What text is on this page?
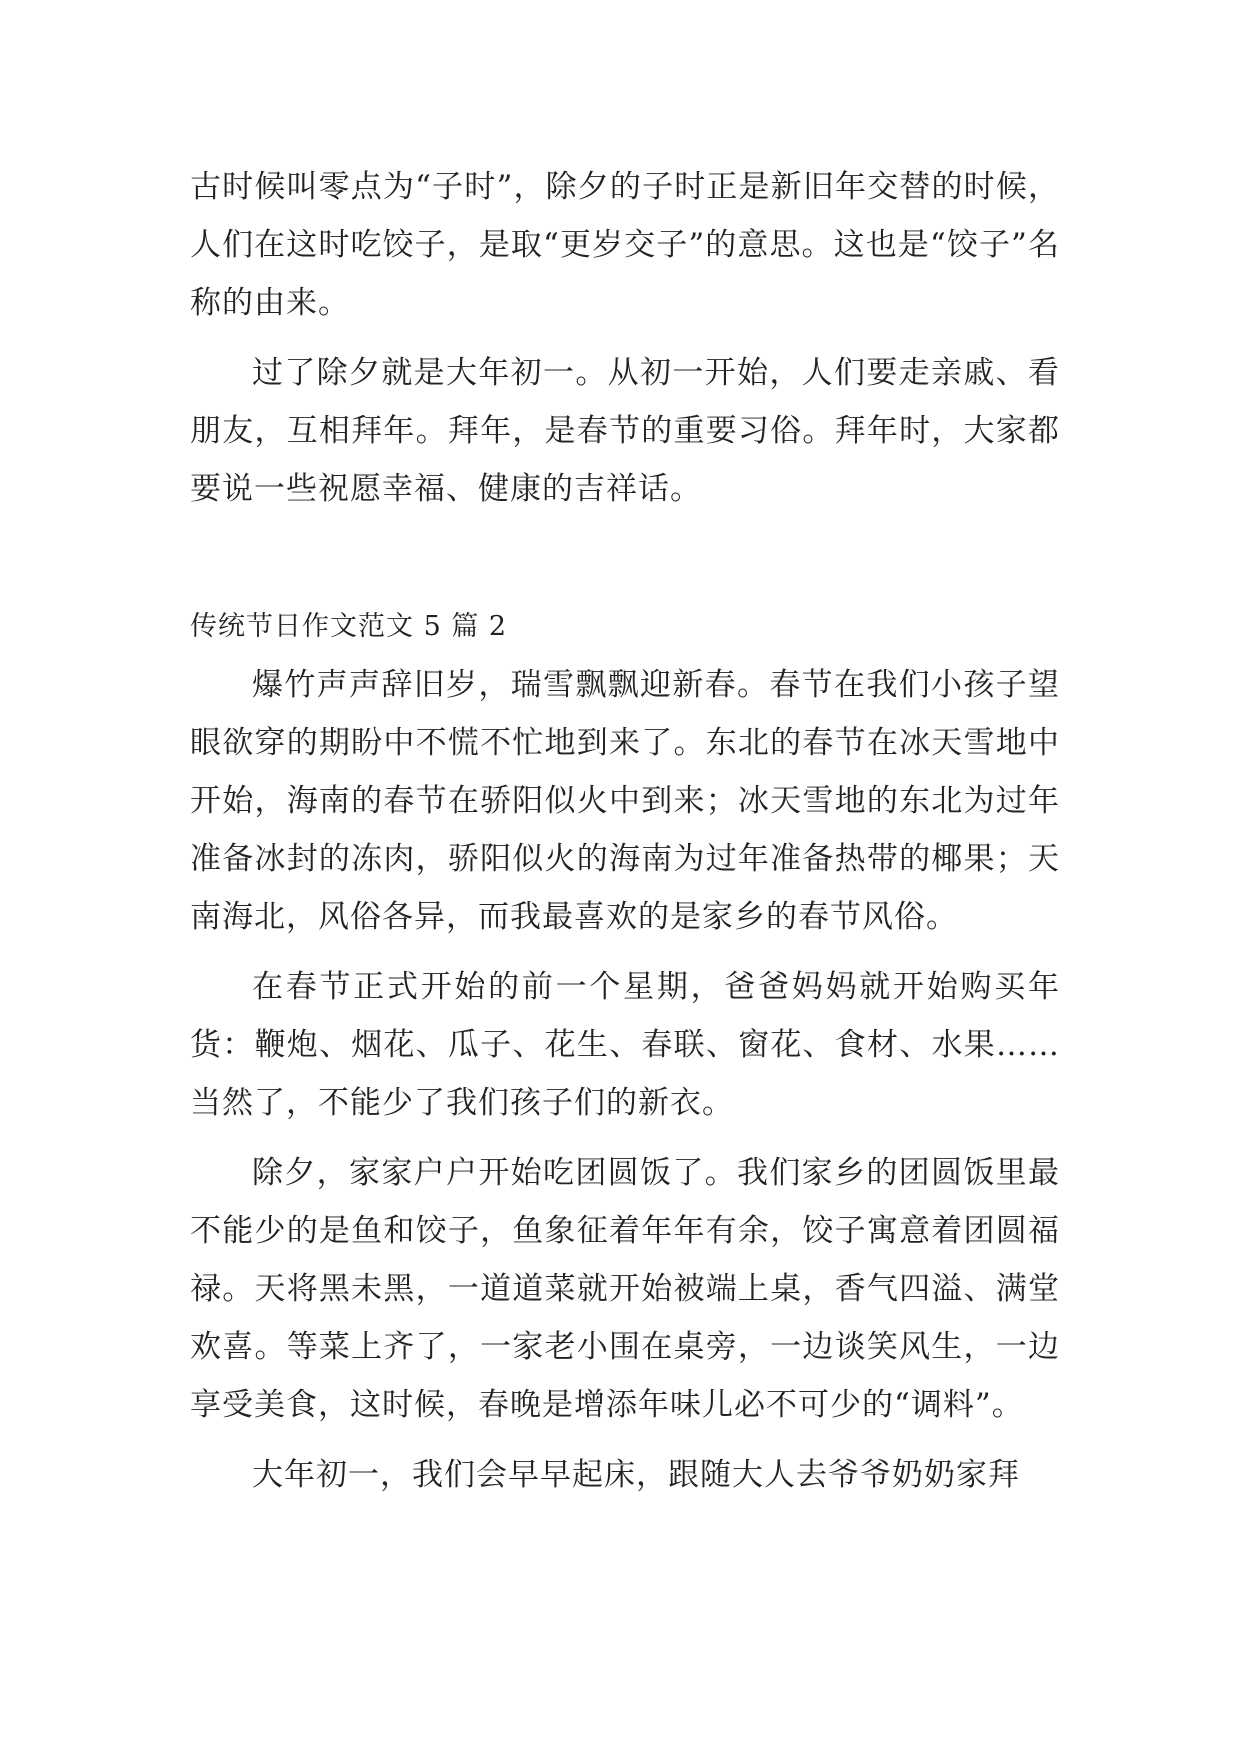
古时候叫零点为“子时”，除夕的子时正是新旧年交替的时候，人们在这时吃饺子，是取“更岁交子”的意思。这也是“饺子”名称的由来。

过了除夕就是大年初一。从初一开始，人们要走亲戚、看朋友，互相拜年。拜年，是春节的重要习俗。拜年时，大家都要说一些祝愿幸福、健康的吉祥话。

传统节日作文范文 5 篇 2

爆竹声声辞旧岁，瑞雪飘飘迎新春。春节在我们小孩子望眼欲穿的期盼中不慌不忙地到来了。东北的春节在冰天雪地中开始，海南的春节在骄阳似火中到来；冰天雪地的东北为过年准备冰封的冻肉，骄阳似火的海南为过年准备热带的椰果；天南海北，风俗各异，而我最喜欢的是家乡的春节风俗。

在春节正式开始的前一个星期，爸爸妈妈就开始购买年货：鞭炮、烟花、瓜子、花生、春联、窗花、食材、水果……当然了，不能少了我们孩子们的新衣。

除夕，家家户户开始吃团圆饭了。我们家乡的团圆饭里最不能少的是鱼和饺子，鱼象征着年年有余，饺子寓意着团圆福禄。天将黑未黑，一道道菜就开始被端上桌，香气四溢、满堂欢喜。等菜上齐了，一家老小围在桌旁，一边谈笑风生，一边享受美食，这时候，春晚是增添年味儿必不可少的“调料”。

大年初一，我们会早早起床，跟随大人去爷爷奶奶家拜
